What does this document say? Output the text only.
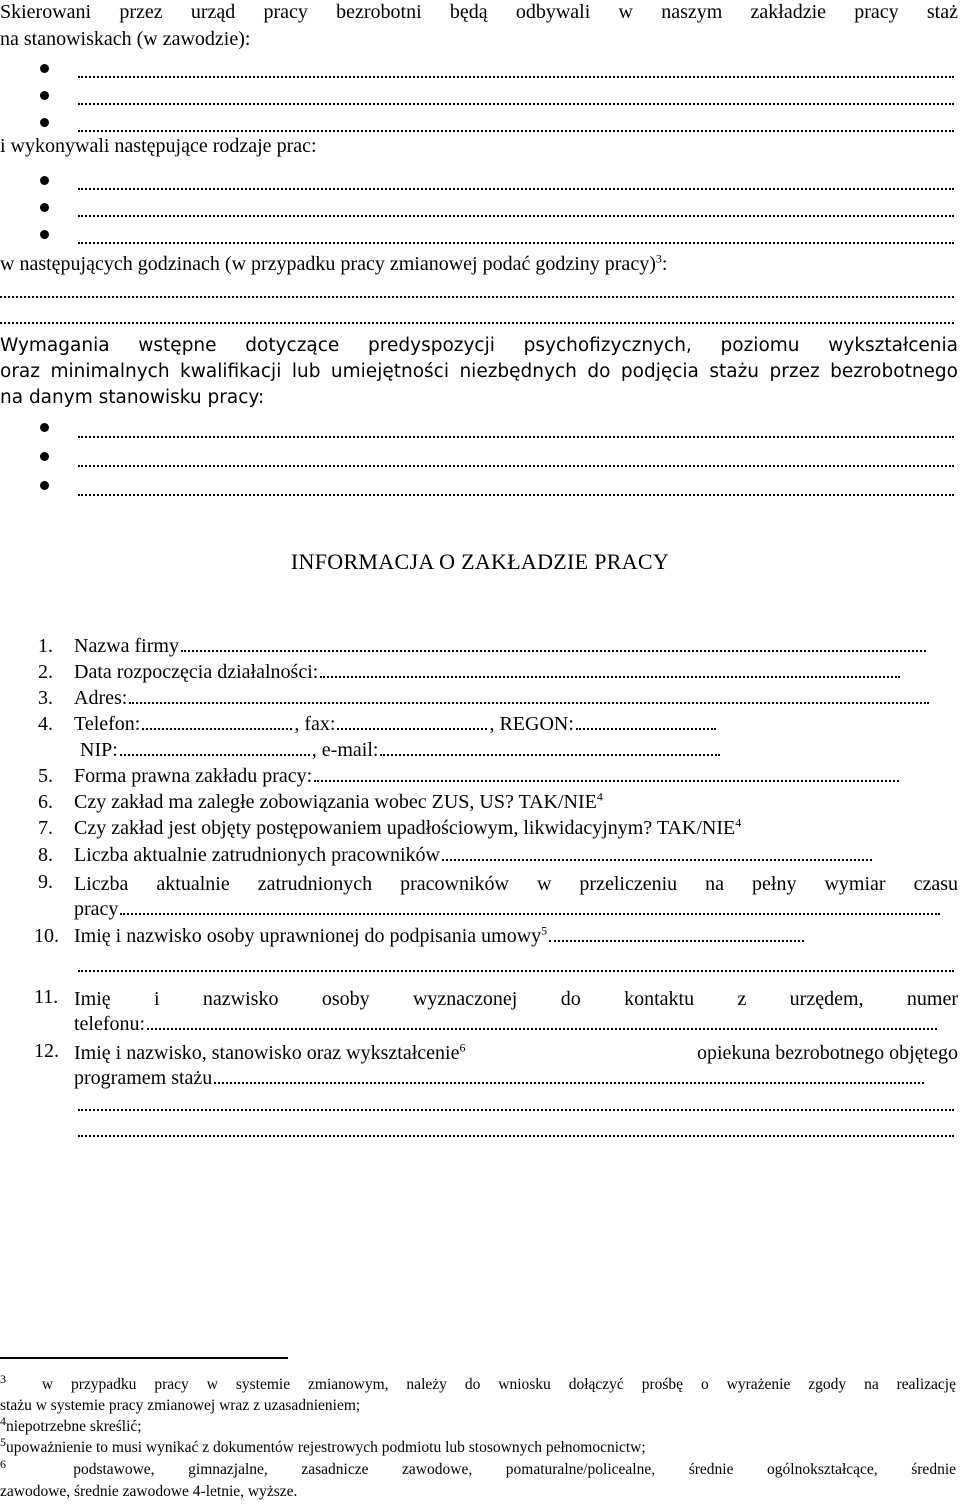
Skierowani przez urząd pracy bezrobotni będą odbywali w naszym zakładzie pracy staż
na stanowiskach (w zawodzie):
i wykonywali następujące rodzaje prac:
w następujących godzinach (w przypadku pracy zmianowej podać godziny pracy)$^3$:
Wymagania wstępne dotyczące predyspozycji psychofizycznych, poziomu wykształcenia
oraz minimalnych kwalifikacji lub umiejętności niezbędnych do podjęcia stażu przez bezrobotnego
na danym stanowisku pracy:
INFORMACJA O ZAKŁADZIE PRACY
1. Nazwa firmy
2. Data rozpoczęcia działalności:
3. Adres:
4. Telefon:	, fax:	, REGON:
NIP:	, e-mail:
5. Forma prawna zakładu pracy:
6. Czy zakład ma zaległe zobowiązania wobec ZUS, US? TAK/NIE$^4$
7. Czy zakład jest objęty postępowaniem upadłościowym, likwidacyjnym? TAK/NIE$^4$
8. Liczba aktualnie zatrudnionych pracowników
9. Liczba aktualnie zatrudnionych pracowników w przeliczeniu na pełny wymiar czasu
pracy
10. Imię i nazwisko osoby uprawnionej do podpisania umowy$^5$
11. Imię i nazwisko osoby wyznaczonej do kontaktu z urzędem, numer
telefonu:
12. Imię i nazwisko, stanowisko oraz wykształcenie$^6$	opiekuna bezrobotnego objętego
programem stażu
$^3$ w przypadku pracy w systemie zmianowym, należy do wniosku dołączyć prośbę o wyrażenie zgody na realizację
stażu w systemie pracy zmianowej wraz z uzasadnieniem;
$^4$niepotrzebne skreślić;
$^5$upoważnienie to musi wynikać z dokumentów rejestrowych podmiotu lub stosownych pełnomocnictw;
$^6$	podstawowe, gimnazjalne, zasadnicze zawodowe, pomaturalne/policealne, średnie ogólnokształcące, średnie
zawodowe, średnie zawodowe 4-letnie, wyższe.
